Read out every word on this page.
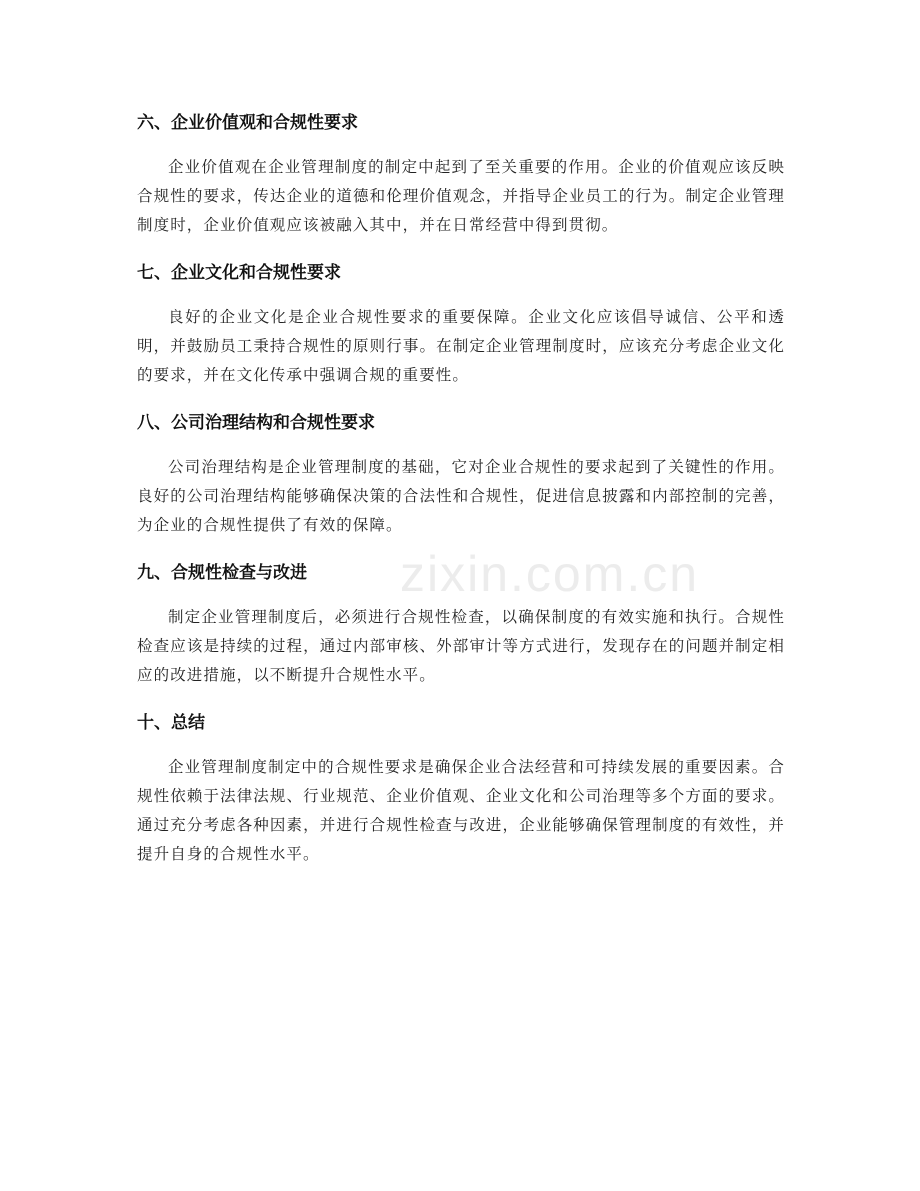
zixin.com.cn
六、企业价值观和合规性要求

企业价值观在企业管理制度的制定中起到了至关重要的作用。企业的价值观应该反映合规性的要求，传达企业的道德和伦理价值观念，并指导企业员工的行为。制定企业管理制度时，企业价值观应该被融入其中，并在日常经营中得到贯彻。

七、企业文化和合规性要求

良好的企业文化是企业合规性要求的重要保障。企业文化应该倡导诚信、公平和透明，并鼓励员工秉持合规性的原则行事。在制定企业管理制度时，应该充分考虑企业文化的要求，并在文化传承中强调合规的重要性。

八、公司治理结构和合规性要求

公司治理结构是企业管理制度的基础，它对企业合规性的要求起到了关键性的作用。良好的公司治理结构能够确保决策的合法性和合规性，促进信息披露和内部控制的完善，为企业的合规性提供了有效的保障。

九、合规性检查与改进

制定企业管理制度后，必须进行合规性检查，以确保制度的有效实施和执行。合规性检查应该是持续的过程，通过内部审核、外部审计等方式进行，发现存在的问题并制定相应的改进措施，以不断提升合规性水平。

十、总结

企业管理制度制定中的合规性要求是确保企业合法经营和可持续发展的重要因素。合规性依赖于法律法规、行业规范、企业价值观、企业文化和公司治理等多个方面的要求。通过充分考虑各种因素，并进行合规性检查与改进，企业能够确保管理制度的有效性，并提升自身的合规性水平。
